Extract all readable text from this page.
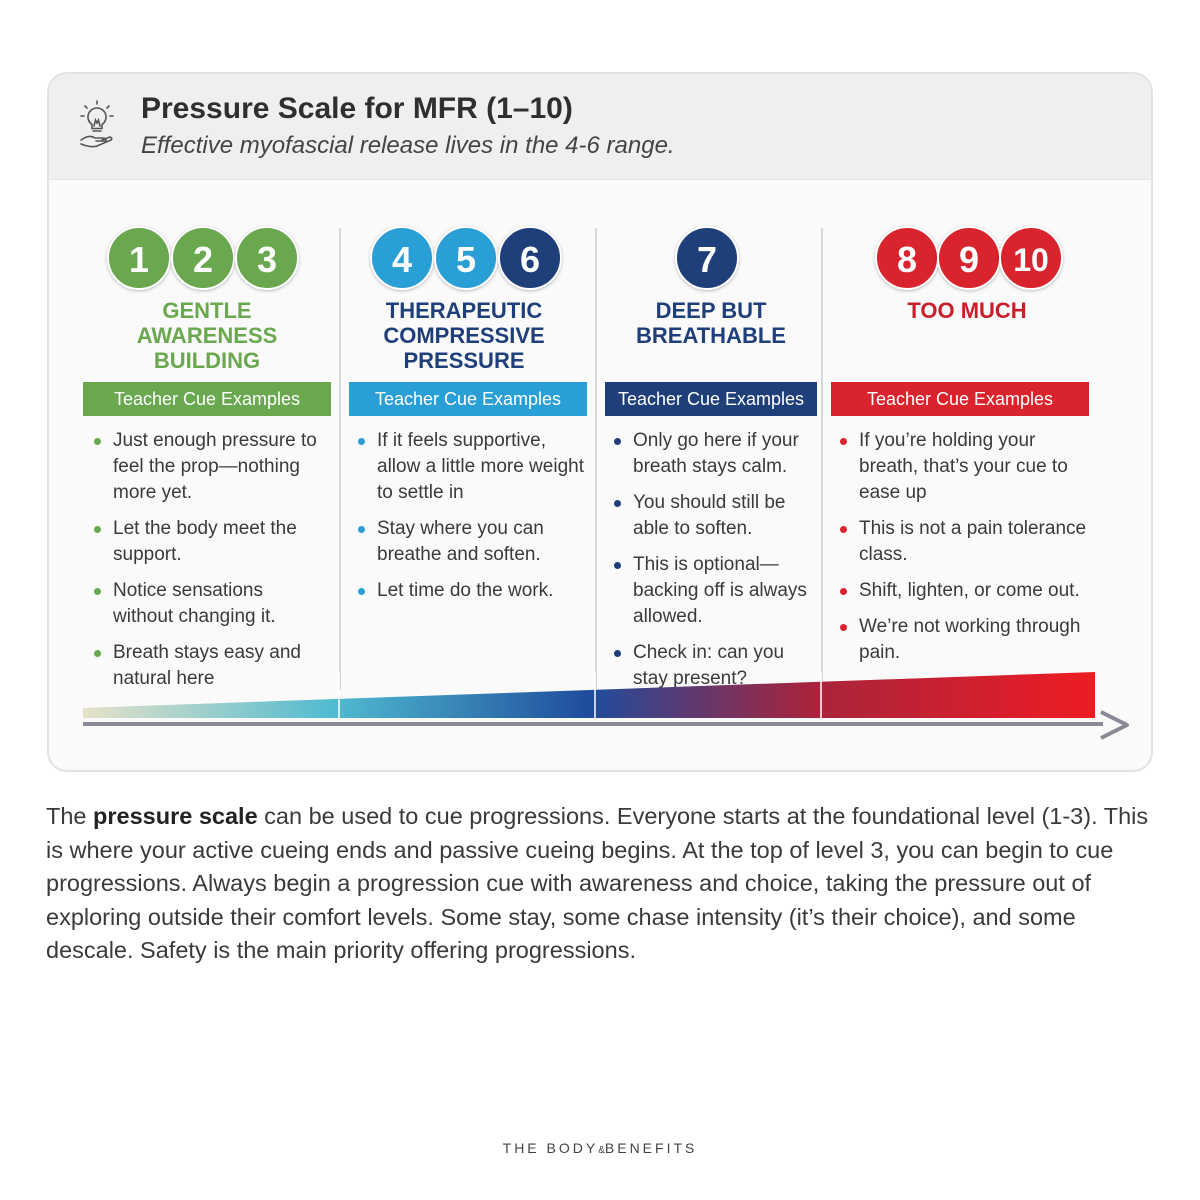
Pressure Scale for MFR (1–10)
Effective myofascial release lives in the 4-6 range.
1	2	3
GENTLE
AWARENESS BUILDING
Teacher Cue Examples
Just enough pressure to feel the prop—nothing more yet.
Let the body meet the support.
Notice sensations without changing it.
Breath stays easy and natural here
4	5	6
THERAPEUTIC
COMPRESSIVE
PRESSURE
Teacher Cue Examples
If it feels supportive, allow a little more weight to settle in
Stay where you can breathe and soften.
Let time do the work.
7
DEEP BUT
BREATHABLE
Teacher Cue Examples
Only go here if your breath stays calm.
You should still be able to soften.
This is optional—backing off is always allowed.
Check in: can you stay present?
8	9	10
TOO MUCH
Teacher Cue Examples
If you’re holding your breath, that’s your cue to ease up
This is not a pain tolerance class.
Shift, lighten, or come out.
We’re not working through pain.

The pressure scale can be used to cue progressions. Everyone starts at the foundational level (1-3). This is where your active cueing ends and passive cueing begins. At the top of level 3, you can begin to cue progressions. Always begin a progression cue with awareness and choice, taking the pressure out of exploring outside their comfort levels. Some stay, some chase intensity (it’s their choice), and some descale. Safety is the main priority offering progressions.

THE BODY&BENEFITS
